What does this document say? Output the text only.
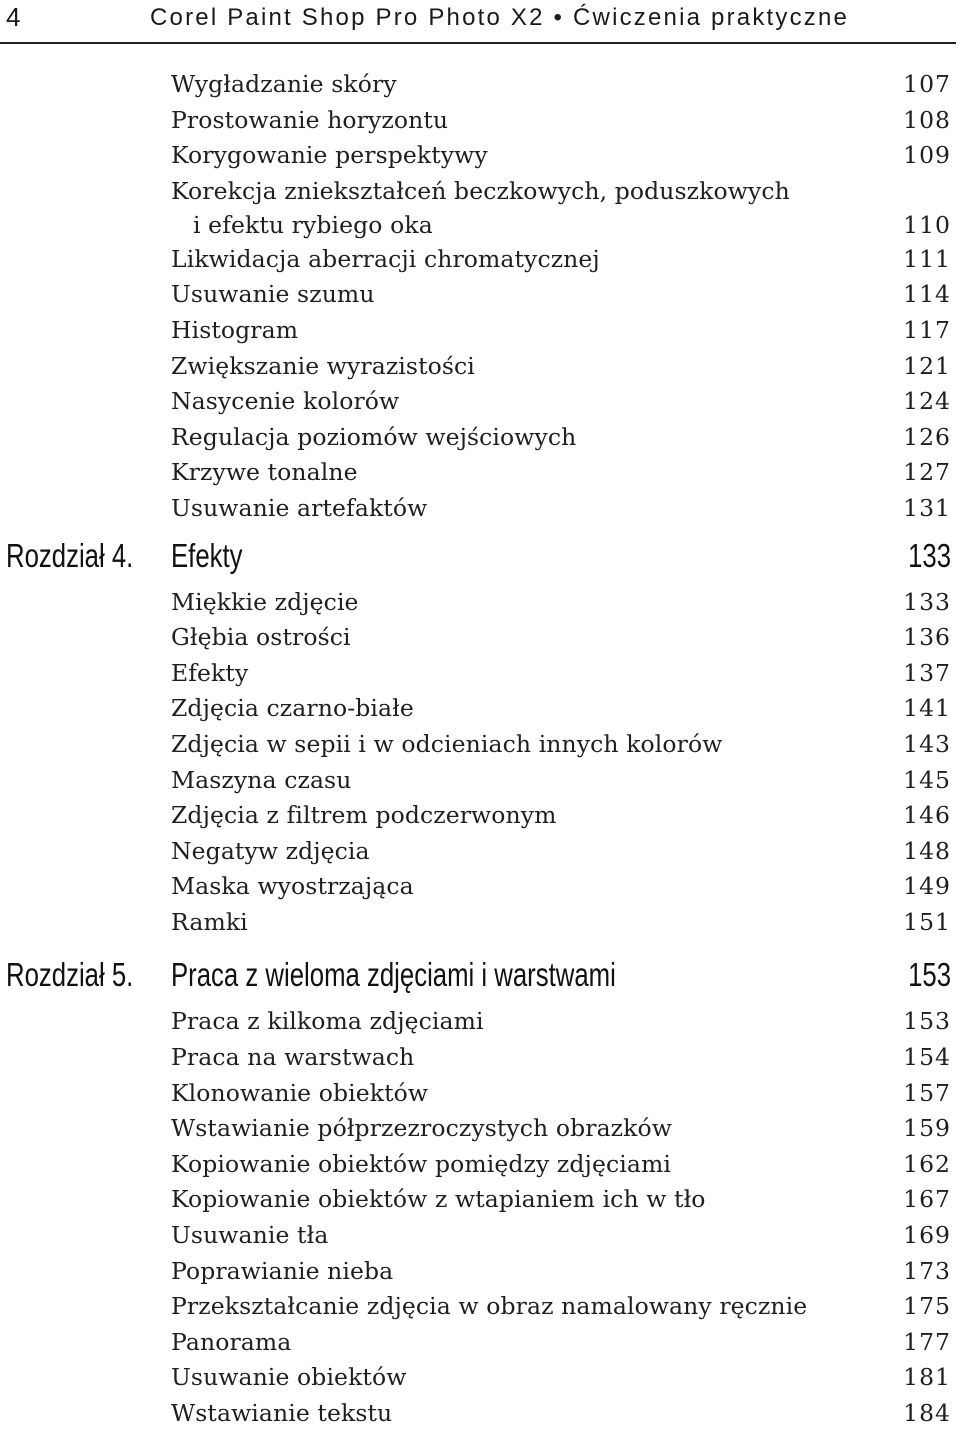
4	Corel Paint Shop Pro Photo X2 • Ćwiczenia praktyczne
Wygładzanie skóry	107
Prostowanie horyzontu	108
Korygowanie perspektywy	109
Korekcja zniekształceń beczkowych, poduszkowych
i efektu rybiego oka	110
Likwidacja aberracji chromatycznej	111
Usuwanie szumu	114
Histogram	117
Zwiększanie wyrazistości	121
Nasycenie kolorów	124
Regulacja poziomów wejściowych	126
Krzywe tonalne	127
Usuwanie artefaktów	131
Rozdział 4. Efekty	133
Miękkie zdjęcie	133
Głębia ostrości	136
Efekty	137
Zdjęcia czarno-białe	141
Zdjęcia w sepii i w odcieniach innych kolorów	143
Maszyna czasu	145
Zdjęcia z filtrem podczerwonym	146
Negatyw zdjęcia	148
Maska wyostrzająca	149
Ramki	151
Rozdział 5. Praca z wieloma zdjęciami i warstwami	153
Praca z kilkoma zdjęciami	153
Praca na warstwach	154
Klonowanie obiektów	157
Wstawianie półprzezroczystych obrazków	159
Kopiowanie obiektów pomiędzy zdjęciami	162
Kopiowanie obiektów z wtapianiem ich w tło	167
Usuwanie tła	169
Poprawianie nieba	173
Przekształcanie zdjęcia w obraz namalowany ręcznie	175
Panorama	177
Usuwanie obiektów	181
Wstawianie tekstu	184
